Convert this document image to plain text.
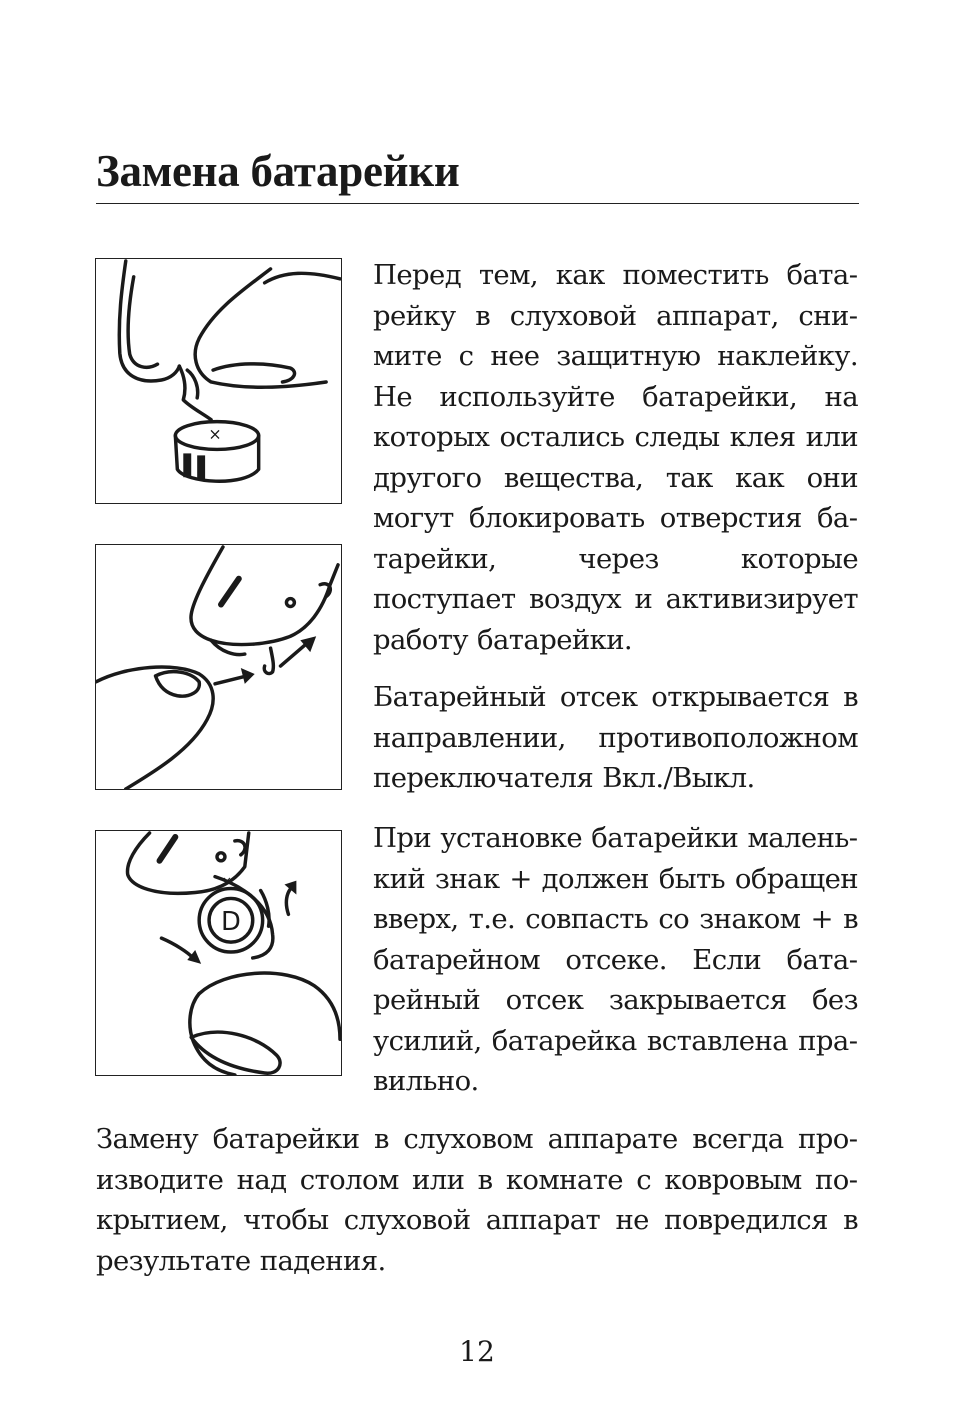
Замена батарейки
×
D
×

Перед тем, как поместить батарейку в слуховой аппарат, снимите с нее защитную наклейку. Не используйте батарейки, на которых остались следы клея или другого вещества, так как они могут блокировать отверстия батарейки, через которые поступает воздух и активизирует работу батарейки.

Батарейный отсек открывается в направлении, противоположном переключателя Вкл./Выкл.

При установке батарейки маленький знак + должен быть обращен вверх, т.е. совпасть со знаком + в батарейном отсеке. Если батарейный отсек закрывается без усилий, батарейка вставлена правильно.

Замену батарейки в слуховом аппарате всегда производите над столом или в комнате с ковровым покрытием, чтобы слуховой аппарат не повредился в результате падения.

12
